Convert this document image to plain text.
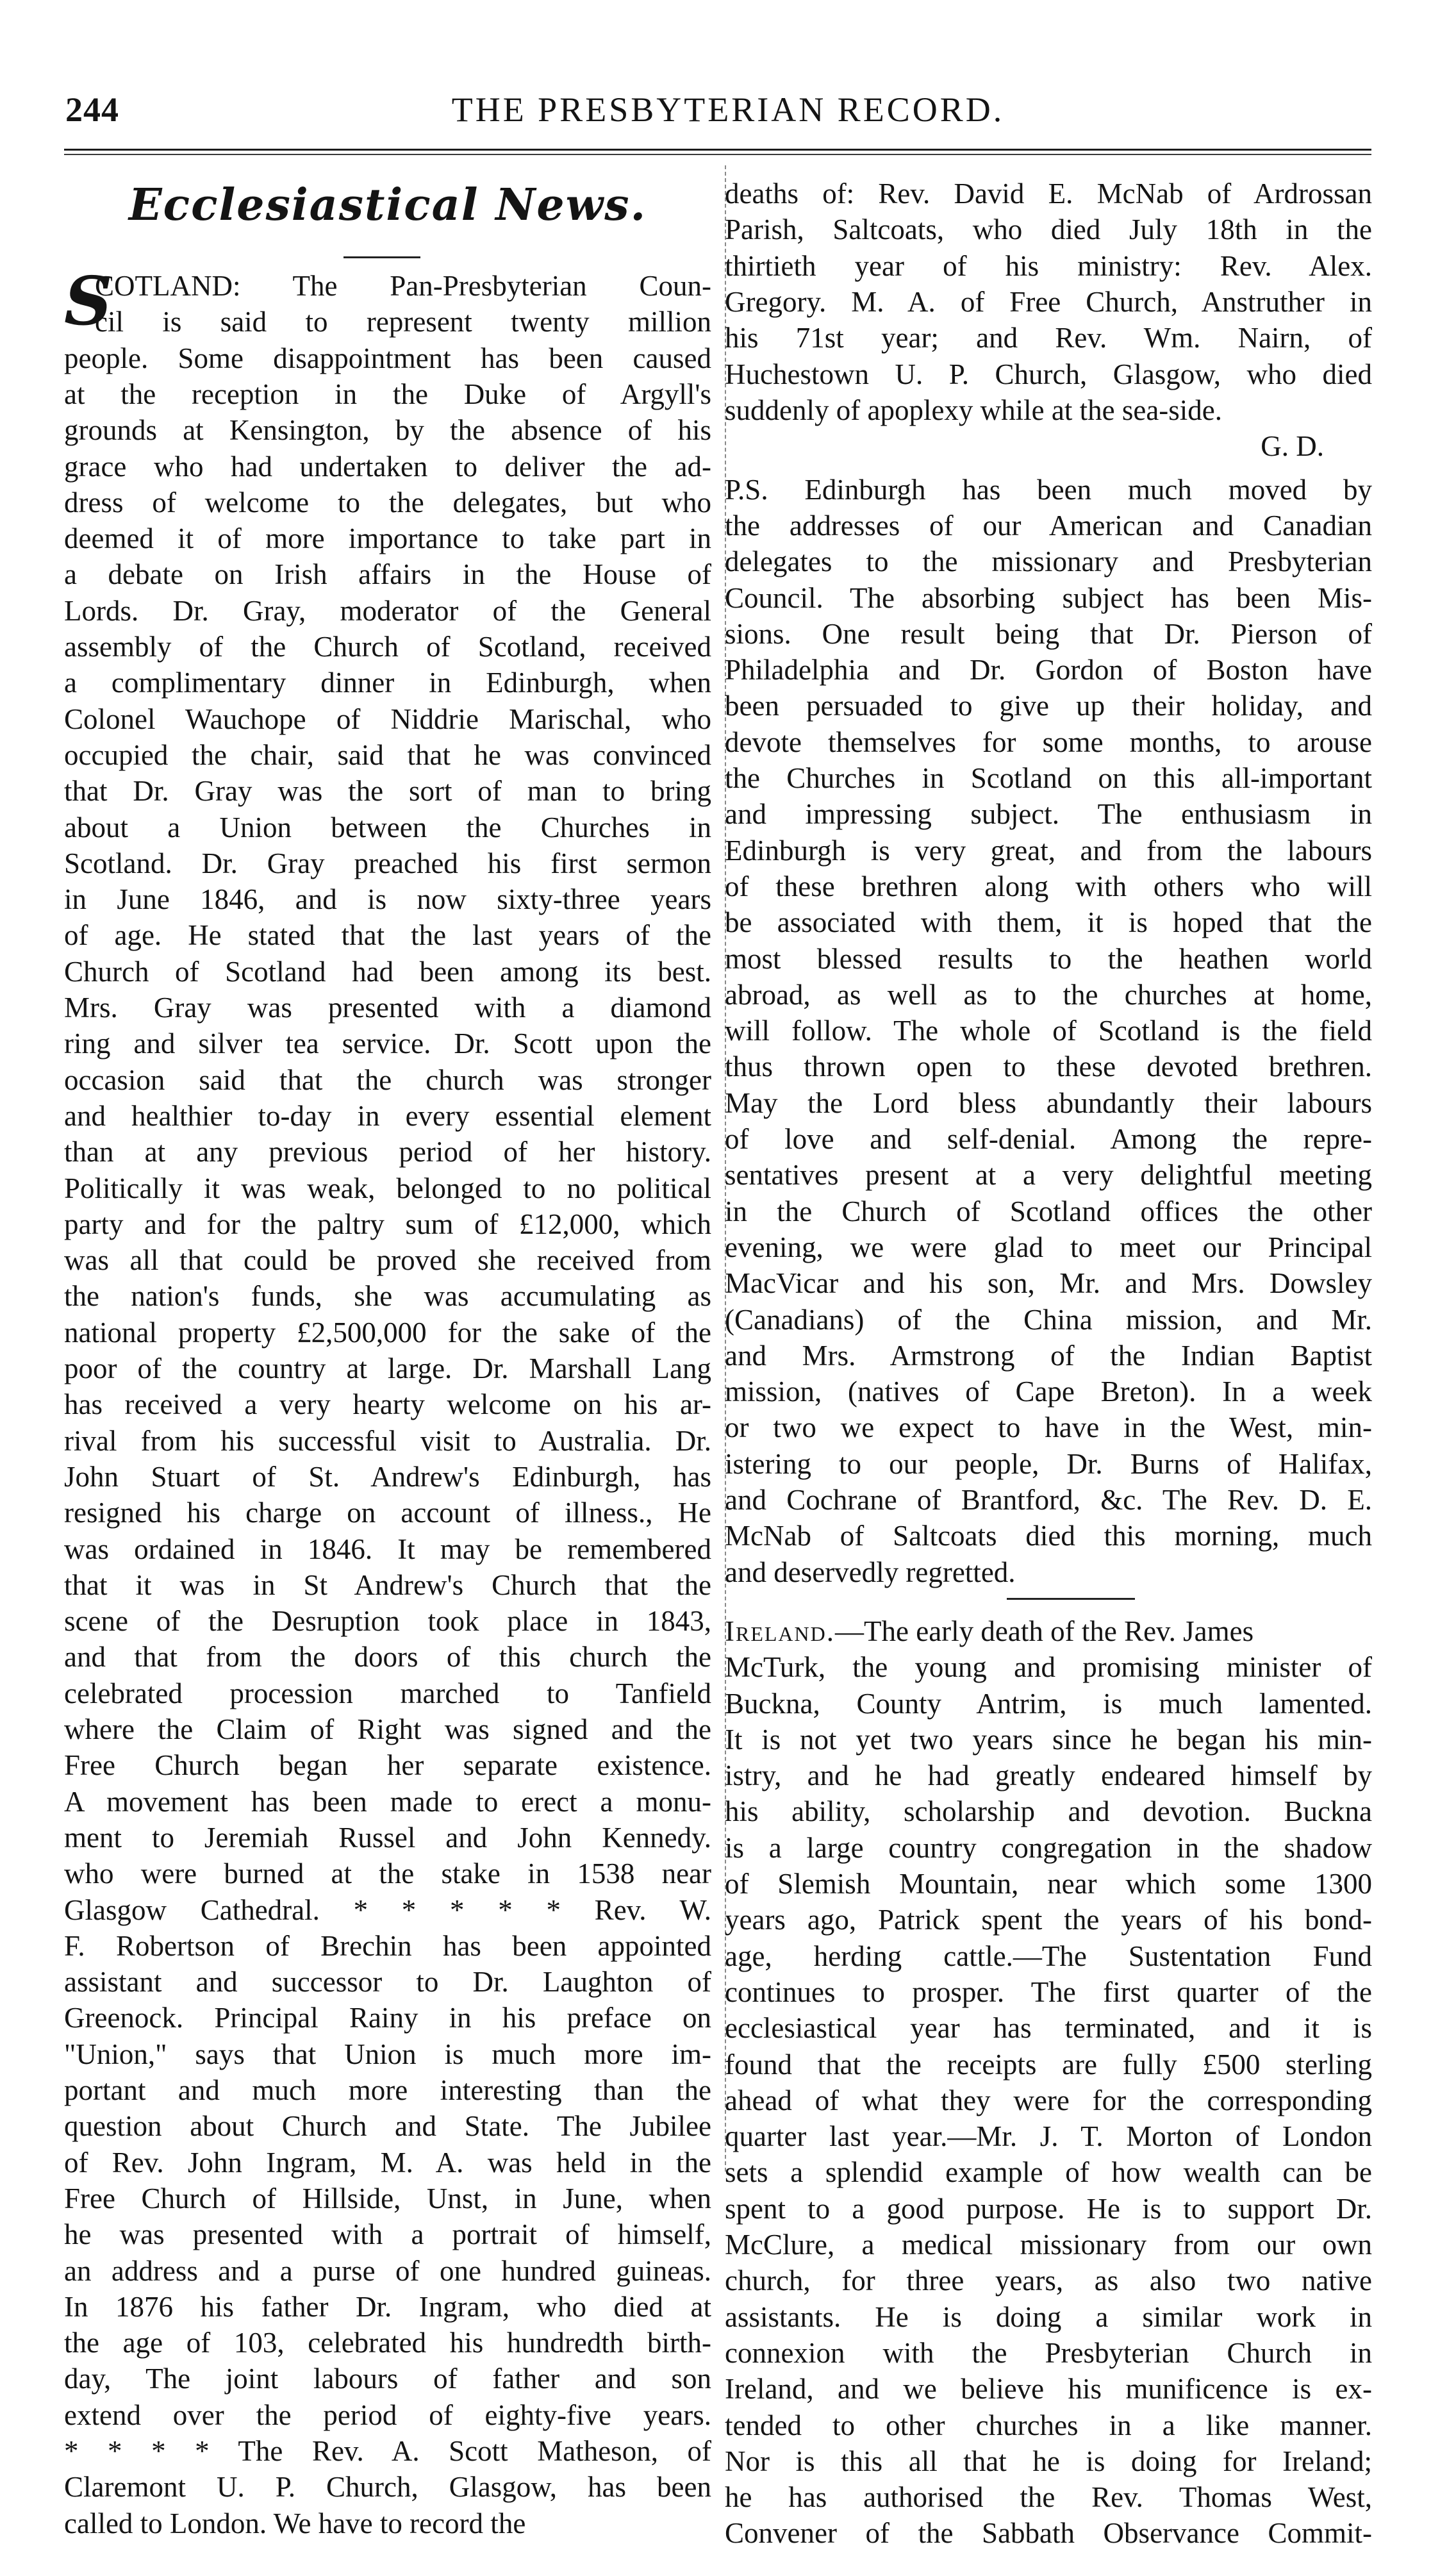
244	THE PRESBYTERIAN RECORD.
Ecclesiastical News.
S
COTLAND: The Pan-Presbyterian Coun-
cil is said to represent twenty million
people. Some disappointment has been caused
at the reception in the Duke of Argyll's
grounds at Kensington, by the absence of his
grace who had undertaken to deliver the ad-
dress of welcome to the delegates, but who
deemed it of more importance to take part in
a debate on Irish affairs in the House of
Lords. Dr. Gray, moderator of the General
assembly of the Church of Scotland, received
a complimentary dinner in Edinburgh, when
Colonel Wauchope of Niddrie Marischal, who
occupied the chair, said that he was convinced
that Dr. Gray was the sort of man to bring
about a Union between the Churches in
Scotland. Dr. Gray preached his first sermon
in June 1846, and is now sixty-three years
of age. He stated that the last years of the
Church of Scotland had been among its best.
Mrs. Gray was presented with a diamond
ring and silver tea service. Dr. Scott upon the
occasion said that the church was stronger
and healthier to-day in every essential element
than at any previous period of her history.
Politically it was weak, belonged to no political
party and for the paltry sum of £12,000, which
was all that could be proved she received from
the nation's funds, she was accumulating as
national property £2,500,000 for the sake of the
poor of the country at large. Dr. Marshall Lang
has received a very hearty welcome on his ar-
rival from his successful visit to Australia. Dr.
John Stuart of St. Andrew's Edinburgh, has
resigned his charge on account of illness., He
was ordained in 1846. It may be remembered
that it was in St Andrew's Church that the
scene of the Desruption took place in 1843,
and that from the doors of this church the
celebrated procession marched to Tanfield
where the Claim of Right was signed and the
Free Church began her separate existence.
A movement has been made to erect a monu-
ment to Jeremiah Russel and John Kennedy.
who were burned at the stake in 1538 near
Glasgow Cathedral. * * * * * Rev. W.
F. Robertson of Brechin has been appointed
assistant and successor to Dr. Laughton of
Greenock. Principal Rainy in his preface on
"Union," says that Union is much more im-
portant and much more interesting than the
question about Church and State. The Jubilee
of Rev. John Ingram, M. A. was held in the
Free Church of Hillside, Unst, in June, when
he was presented with a portrait of himself,
an address and a purse of one hundred guineas.
In 1876 his father Dr. Ingram, who died at
the age of 103, celebrated his hundredth birth-
day, The joint labours of father and son
extend over the period of eighty-five years.
* * * * The Rev. A. Scott Matheson, of
Claremont U. P. Church, Glasgow, has been
called to London. We have to record the
G. D.
Ireland.—The early death of the Rev. James
deaths of: Rev. David E. McNab of Ardrossan
Parish, Saltcoats, who died July 18th in the
thirtieth year of his ministry: Rev. Alex.
Gregory. M. A. of Free Church, Anstruther in
his 71st year; and Rev. Wm. Nairn, of
Huchestown U. P. Church, Glasgow, who died
suddenly of apoplexy while at the sea-side.
P.S. Edinburgh has been much moved by
the addresses of our American and Canadian
delegates to the missionary and Presbyterian
Council. The absorbing subject has been Mis-
sions. One result being that Dr. Pierson of
Philadelphia and Dr. Gordon of Boston have
been persuaded to give up their holiday, and
devote themselves for some months, to arouse
the Churches in Scotland on this all-important
and impressing subject. The enthusiasm in
Edinburgh is very great, and from the labours
of these brethren along with others who will
be associated with them, it is hoped that the
most blessed results to the heathen world
abroad, as well as to the churches at home,
will follow. The whole of Scotland is the field
thus thrown open to these devoted brethren.
May the Lord bless abundantly their labours
of love and self-denial. Among the repre-
sentatives present at a very delightful meeting
in the Church of Scotland offices the other
evening, we were glad to meet our Principal
MacVicar and his son, Mr. and Mrs. Dowsley
(Canadians) of the China mission, and Mr.
and Mrs. Armstrong of the Indian Baptist
mission, (natives of Cape Breton). In a week
or two we expect to have in the West, min-
istering to our people, Dr. Burns of Halifax,
and Cochrane of Brantford, &c. The Rev. D. E.
McNab of Saltcoats died this morning, much
and deservedly regretted.
McTurk, the young and promising minister of
Buckna, County Antrim, is much lamented.
It is not yet two years since he began his min-
istry, and he had greatly endeared himself by
his ability, scholarship and devotion. Buckna
is a large country congregation in the shadow
of Slemish Mountain, near which some 1300
years ago, Patrick spent the years of his bond-
age, herding cattle.—The Sustentation Fund
continues to prosper. The first quarter of the
ecclesiastical year has terminated, and it is
found that the receipts are fully £500 sterling
ahead of what they were for the corresponding
quarter last year.—Mr. J. T. Morton of London
sets a splendid example of how wealth can be
spent to a good purpose. He is to support Dr.
McClure, a medical missionary from our own
church, for three years, as also two native
assistants. He is doing a similar work in
connexion with the Presbyterian Church in
Ireland, and we believe his munificence is ex-
tended to other churches in a like manner.
Nor is this all that he is doing for Ireland;
he has authorised the Rev. Thomas West,
Convener of the Sabbath Observance Commit-
